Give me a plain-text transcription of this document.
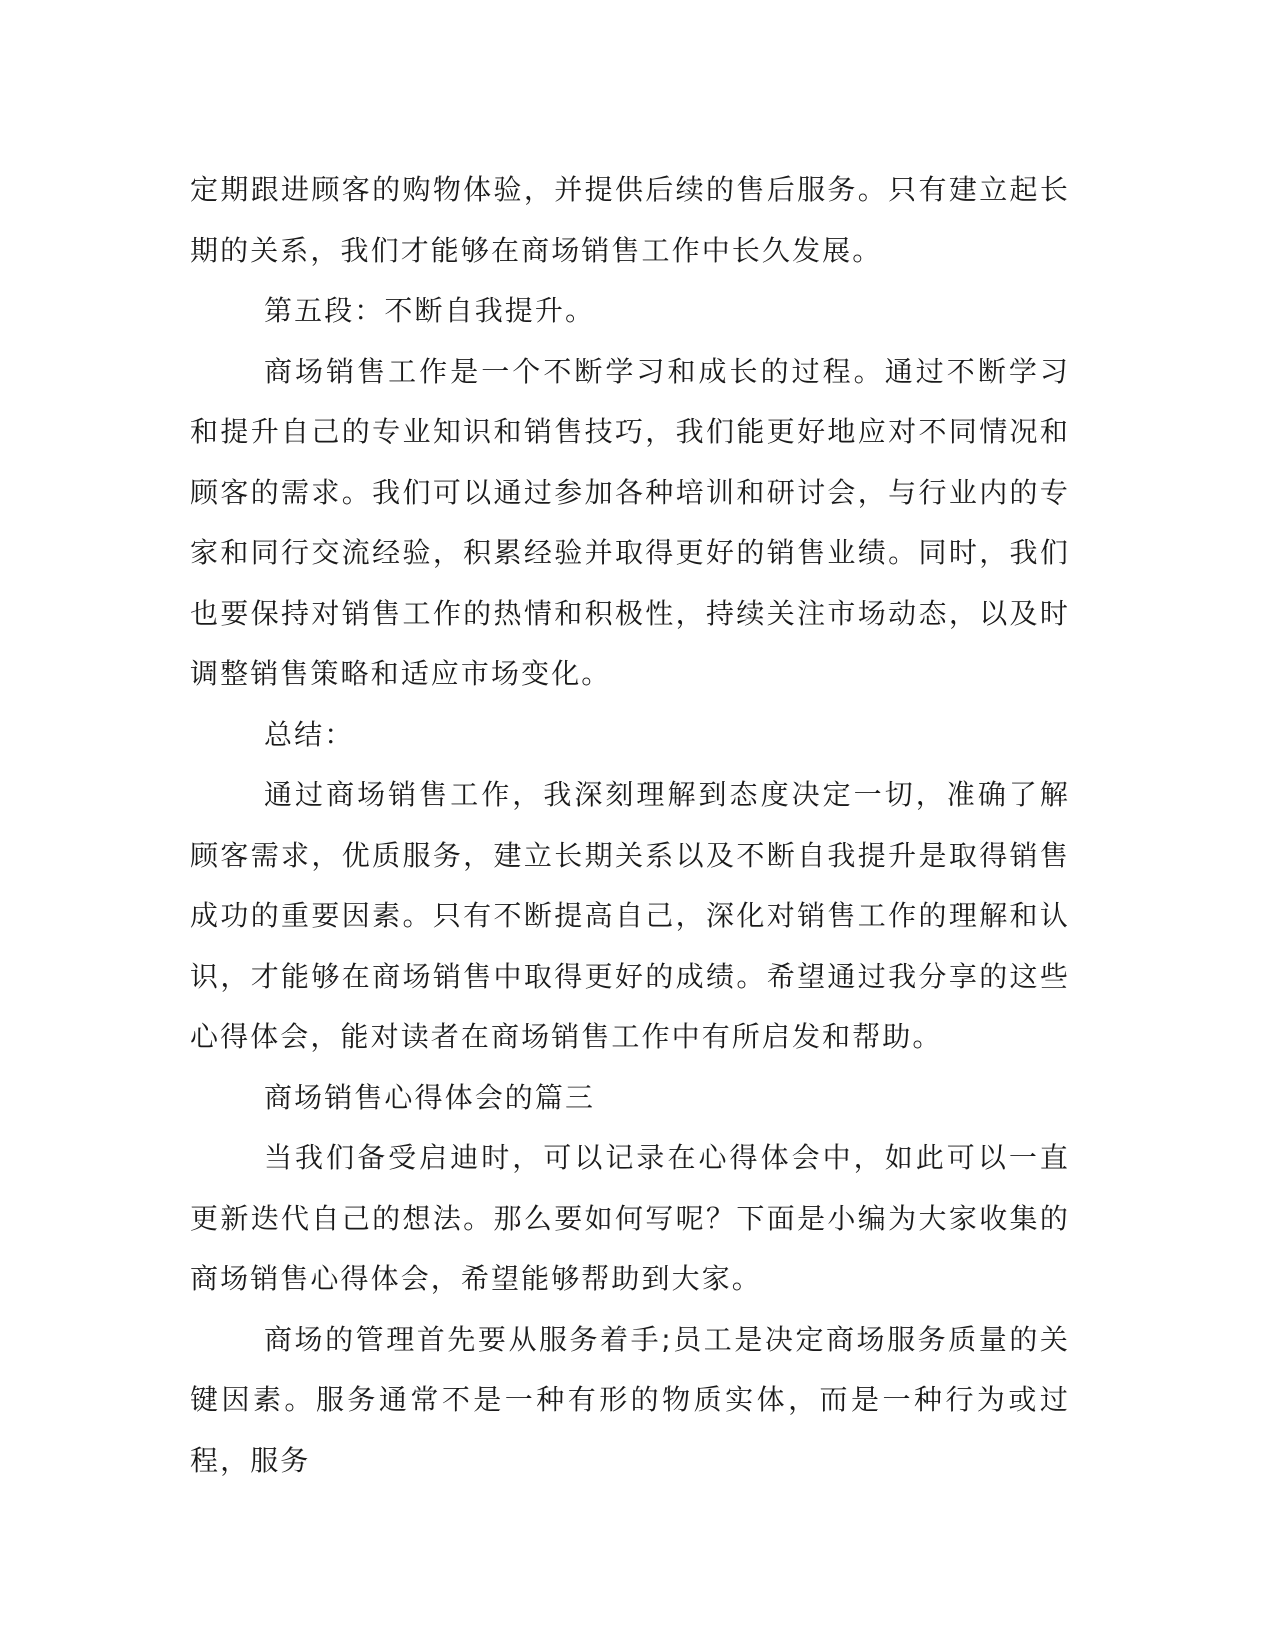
定期跟进顾客的购物体验，并提供后续的售后服务。只有建立起长期的关系，我们才能够在商场销售工作中长久发展。

第五段：不断自我提升。

商场销售工作是一个不断学习和成长的过程。通过不断学习和提升自己的专业知识和销售技巧，我们能更好地应对不同情况和顾客的需求。我们可以通过参加各种培训和研讨会，与行业内的专家和同行交流经验，积累经验并取得更好的销售业绩。同时，我们也要保持对销售工作的热情和积极性，持续关注市场动态，以及时调整销售策略和适应市场变化。

总结：

通过商场销售工作，我深刻理解到态度决定一切，准确了解顾客需求，优质服务，建立长期关系以及不断自我提升是取得销售成功的重要因素。只有不断提高自己，深化对销售工作的理解和认识，才能够在商场销售中取得更好的成绩。希望通过我分享的这些心得体会，能对读者在商场销售工作中有所启发和帮助。

商场销售心得体会的篇三

当我们备受启迪时，可以记录在心得体会中，如此可以一直更新迭代自己的想法。那么要如何写呢？下面是小编为大家收集的商场销售心得体会，希望能够帮助到大家。

商场的管理首先要从服务着手;员工是决定商场服务质量的关键因素。服务通常不是一种有形的物质实体，而是一种行为或过程，服务
